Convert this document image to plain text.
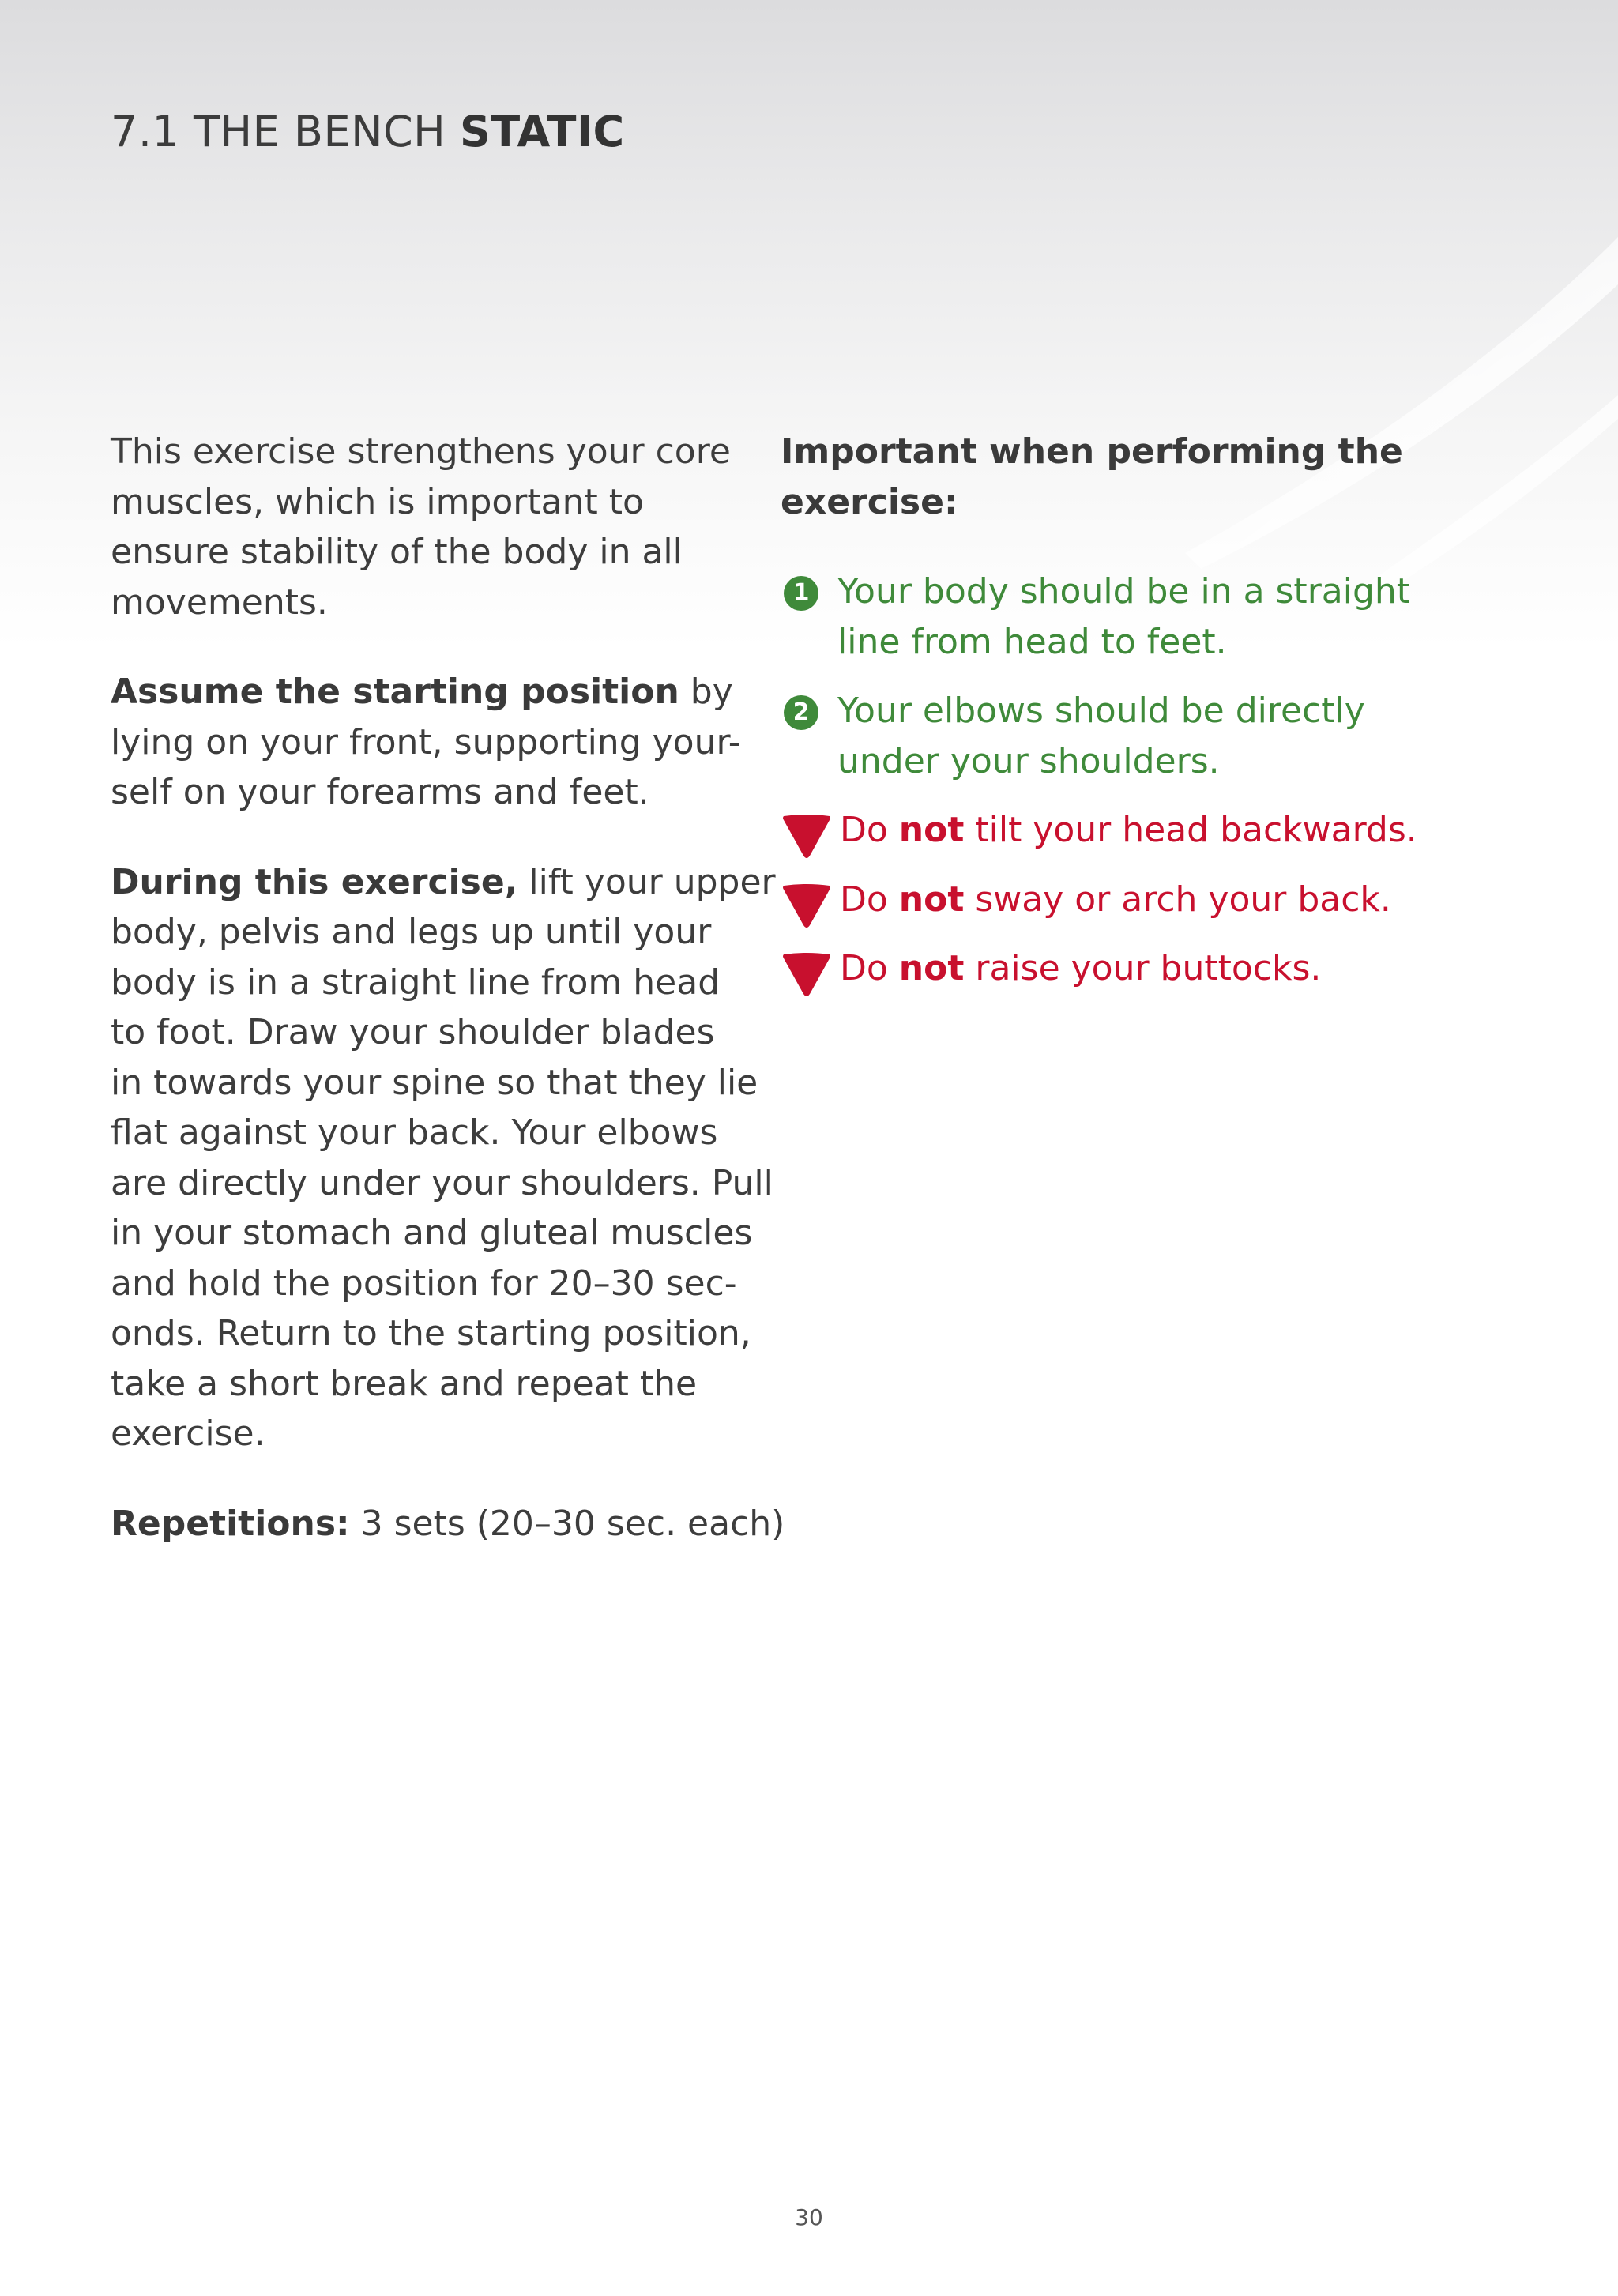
7.1 THE BENCH STATIC

This exercise strengthens your core
muscles, which is important to
ensure stability of the body in all
movements.

Assume the starting position by
lying on your front, supporting your-
self on your forearms and feet.

During this exercise, lift your upper
body, pelvis and legs up until your
body is in a straight line from head
to foot. Draw your shoulder blades
in towards your spine so that they lie
flat against your back. Your elbows
are directly under your shoulders. Pull
in your stomach and gluteal muscles
and hold the position for 20–30 sec-
onds. Return to the starting position,
take a short break and repeat the
exercise.

Repetitions: 3 sets (20–30 sec. each)

Important when performing the
exercise:
1 Your body should be in a straight
line from head to feet.
2 Your elbows should be directly
under your shoulders.
Do not tilt your head backwards.
Do not sway or arch your back.
Do not raise your buttocks.
30
